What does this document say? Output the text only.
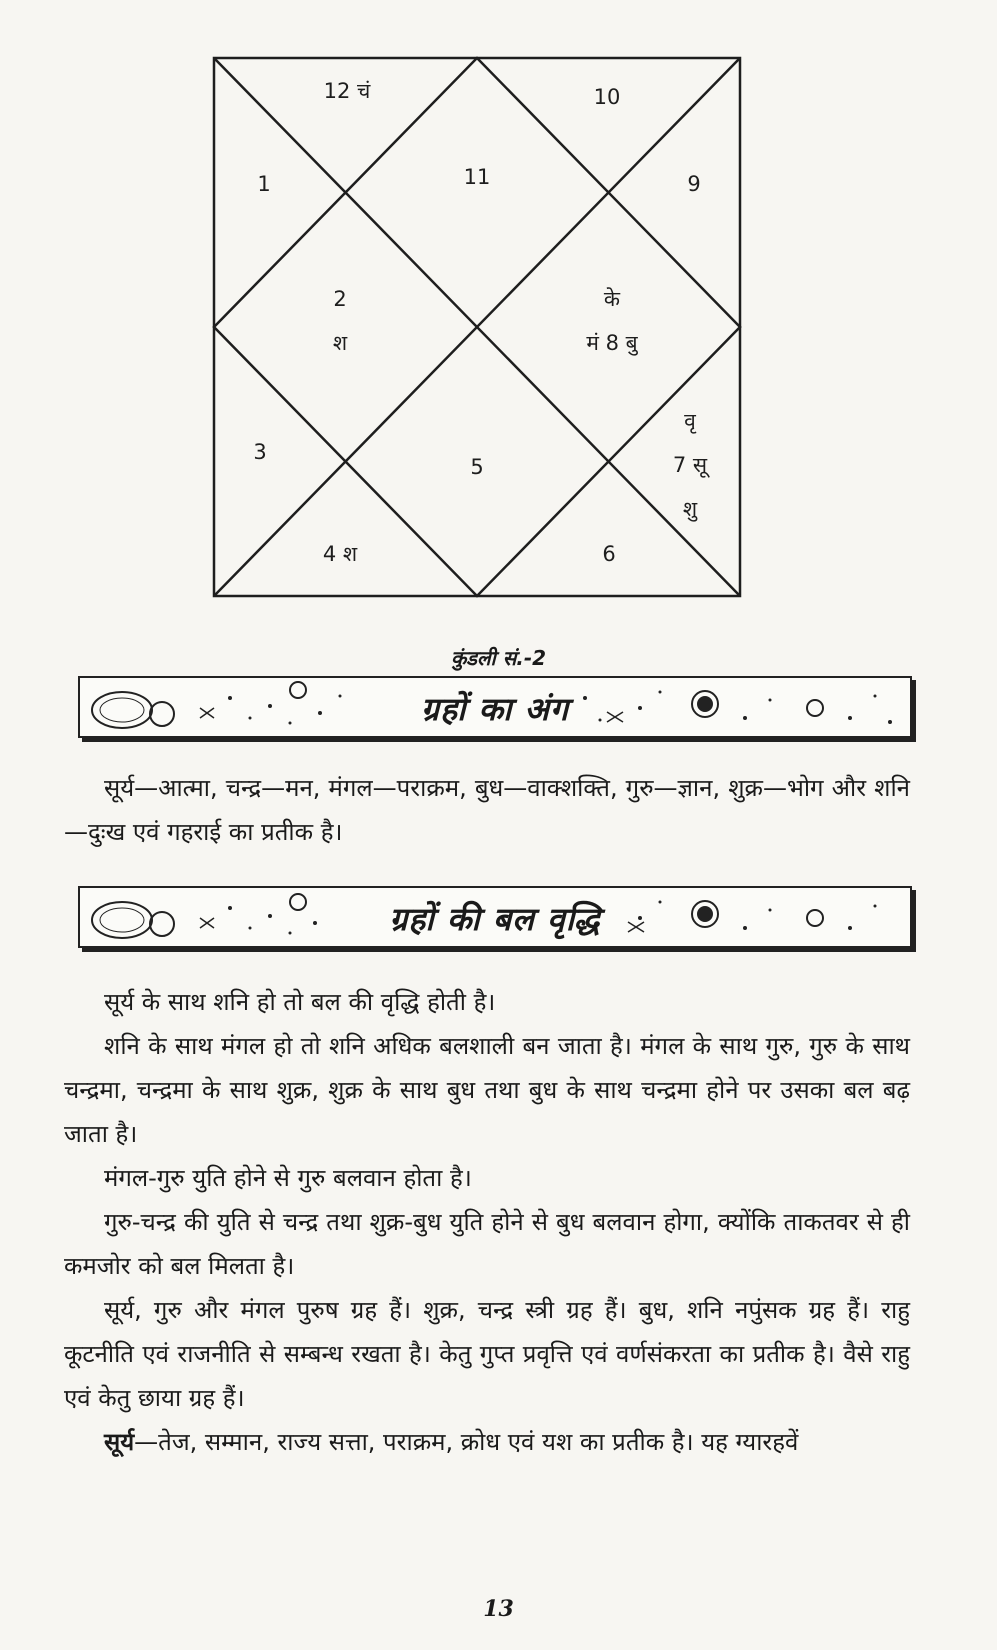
12 चं	10
1	11	9
2
श
के
मं 8 बु
3
5
वृ
7 सू
शु
4 श	6
कुंडली सं.-2
ग्रहों का अंग

सूर्य—आत्मा, चन्द्र—मन, मंगल—पराक्रम, बुध—वाक्शक्ति, गुरु—ज्ञान, शुक्र—भोग और शनि—दुःख एवं गहराई का प्रतीक है।

ग्रहों की बल वृद्धि

सूर्य के साथ शनि हो तो बल की वृद्धि होती है।

शनि के साथ मंगल हो तो शनि अधिक बलशाली बन जाता है। मंगल के साथ गुरु, गुरु के साथ चन्द्रमा, चन्द्रमा के साथ शुक्र, शुक्र के साथ बुध तथा बुध के साथ चन्द्रमा होने पर उसका बल बढ़ जाता है।

मंगल-गुरु युति होने से गुरु बलवान होता है।

गुरु-चन्द्र की युति से चन्द्र तथा शुक्र-बुध युति होने से बुध बलवान होगा, क्योंकि ताकतवर से ही कमजोर को बल मिलता है।

सूर्य, गुरु और मंगल पुरुष ग्रह हैं। शुक्र, चन्द्र स्त्री ग्रह हैं। बुध, शनि नपुंसक ग्रह हैं। राहु कूटनीति एवं राजनीति से सम्बन्ध रखता है। केतु गुप्त प्रवृत्ति एवं वर्णसंकरता का प्रतीक है। वैसे राहु एवं केतु छाया ग्रह हैं।

सूर्य—तेज, सम्मान, राज्य सत्ता, पराक्रम, क्रोध एवं यश का प्रतीक है। यह ग्यारहवें

13
